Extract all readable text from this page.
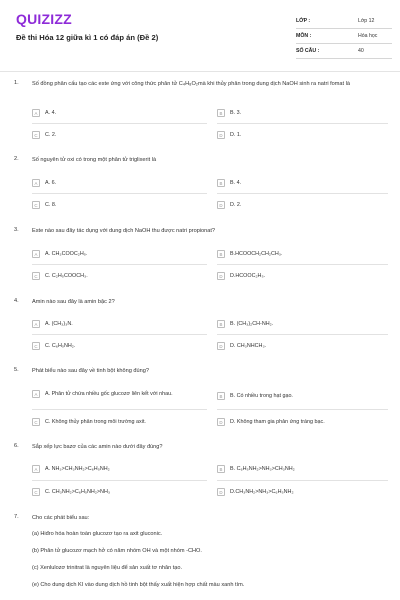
QUIZIZZ
Đề thi Hóa 12 giữa kì 1 có đáp án (Đề 2)
LỚP :	Lớp 12
MÔN :	Hóa học
SỐ CÂU :	40
1. Số đồng phân cấu tạo các este ứng với công thức phân tử C₄H₈O₂mà khi thủy phân trong dung dịch NaOH sinh ra natri fomat là
A	A. 4.	B	B. 3.
C	C. 2.	D	D. 1.
2. Số nguyên tử oxi có trong một phân tử triglixerit là
A	A. 6.	B	B. 4.
C	C. 8.	D	D. 2.
3. Este nào sau đây tác dụng với dung dịch NaOH thu được natri propionat?
A	A. CH₃COOC₂H₅.	B	B.HCOOCH₂CH₂CH₃.
C	C. C₂H₅COOCH₃.	D	D.HCOOC₂H₅.
4. Amin nào sau đây là amin bậc 2?
A	A. (CH₃)₃N.	B	B. (CH₃)₂CH-NH₂.
C	C. C₆H₅NH₂.	D	D. CH₃NHCH₃.
5. Phát biểu nào sau đây về tinh bột không đúng?
A	A. Phân tử chứa nhiều gốc glucozơ liên kết với nhau.	B	B. Có nhiều trong hạt gạo.
C	C. Không thủy phân trong môi trường axit.	D	D. Không tham gia phản ứng tráng bạc.
6. Sắp xếp lực bazơ của các amin nào dưới đây đúng?
A	A. NH₃>CH₃NH₂>C₆H₅NH₂	B	B. C₆H₅NH₂>NH₃>CH₃NH₂
C	C. CH₃NH₂>C₆H₅NH₂>NH₃	D	D.CH₃NH₂>NH₃>C₆H₅NH₂
7. Cho các phát biểu sau:
(a) Hiđro hóa hoàn toàn glucozơ tạo ra axit gluconic.
(b) Phân tử glucozơ mạch hở có năm nhóm OH và một nhóm -CHO.
(c) Xenlulozơ trinitrat là nguyên liệu để sản xuất tơ nhân tạo.
(e) Cho dung dịch KI vào dung dịch hồ tinh bột thấy xuất hiện hợp chất màu xanh tím.
